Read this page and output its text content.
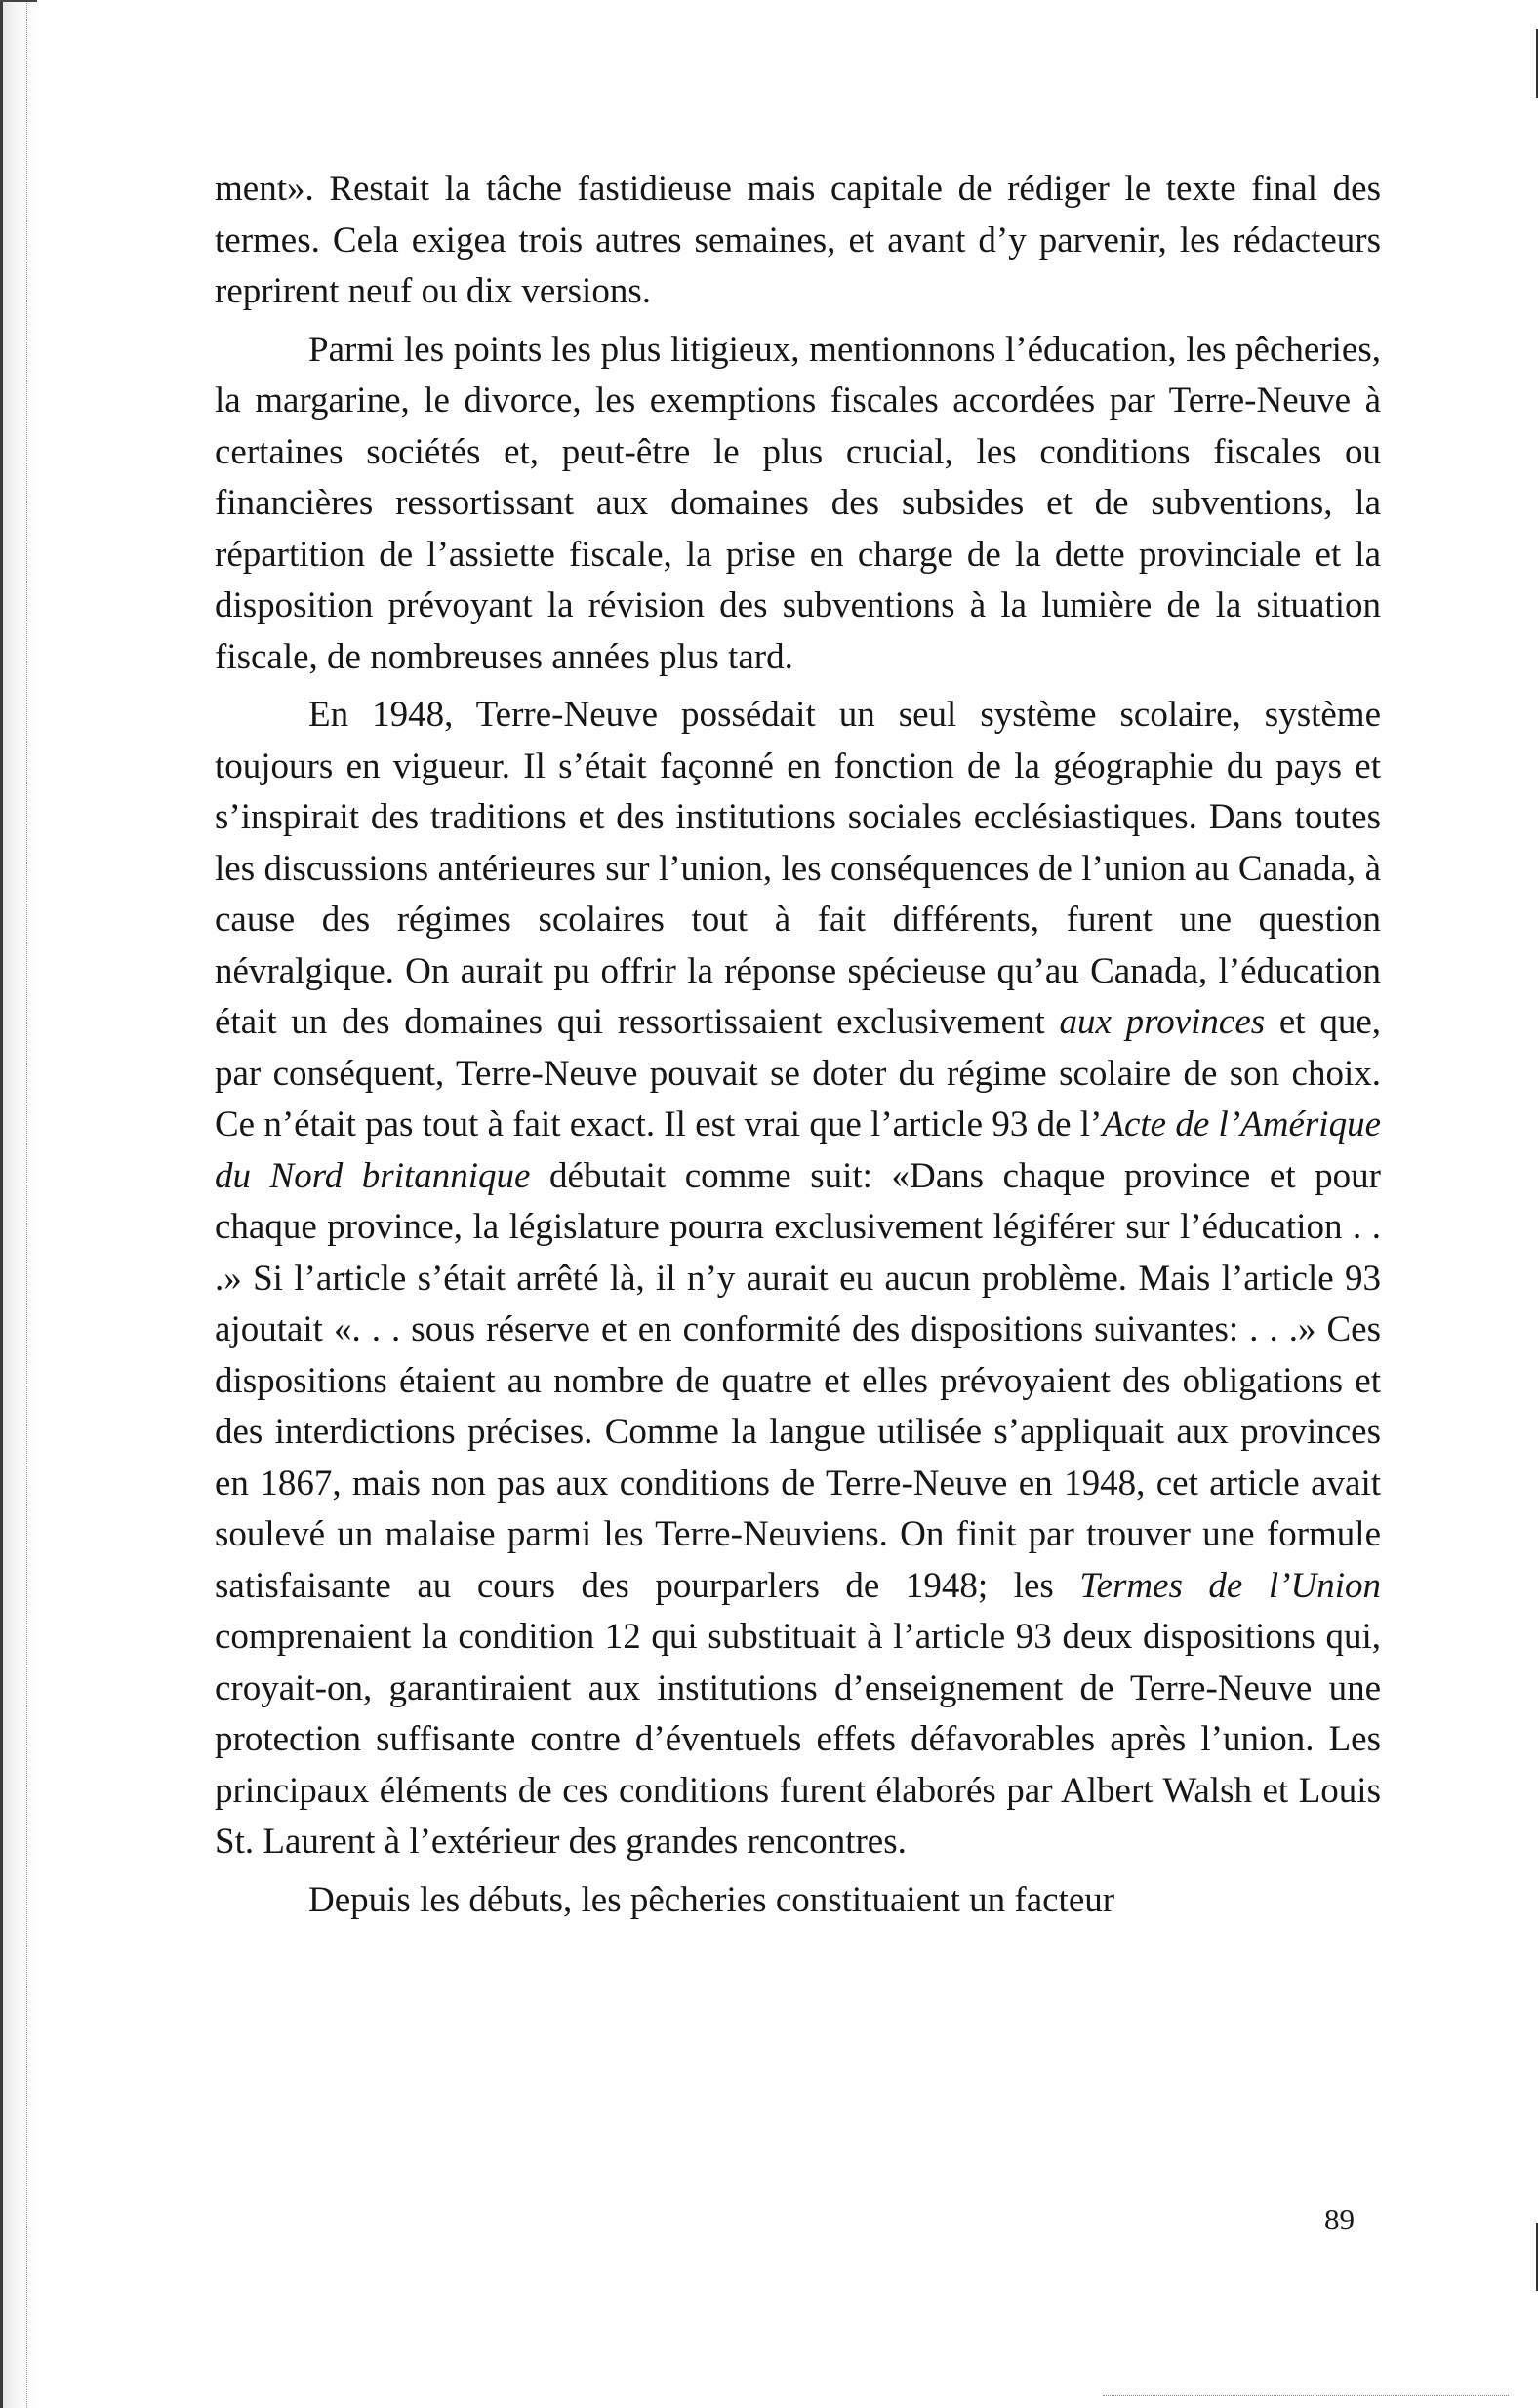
ment». Restait la tâche fastidieuse mais capitale de rédiger le texte final des termes. Cela exigea trois autres semaines, et avant d’y parvenir, les rédacteurs reprirent neuf ou dix versions.

Parmi les points les plus litigieux, mentionnons l’éducation, les pêcheries, la margarine, le divorce, les exemptions fiscales accordées par Terre-Neuve à certaines sociétés et, peut-être le plus crucial, les conditions fiscales ou financières ressortissant aux domaines des subsides et de subventions, la répartition de l’assiette fiscale, la prise en charge de la dette provinciale et la disposition prévoyant la révision des subventions à la lumière de la situation fiscale, de nombreuses années plus tard.

En 1948, Terre-Neuve possédait un seul système scolaire, système toujours en vigueur. Il s’était façonné en fonction de la géographie du pays et s’inspirait des traditions et des institutions sociales ecclésiastiques. Dans toutes les discussions antérieures sur l’union, les conséquences de l’union au Canada, à cause des régimes scolaires tout à fait différents, furent une question névralgique. On aurait pu offrir la réponse spécieuse qu’au Canada, l’éducation était un des domaines qui ressortissaient exclusivement aux provinces et que, par conséquent, Terre-Neuve pouvait se doter du régime scolaire de son choix. Ce n’était pas tout à fait exact. Il est vrai que l’article 93 de l’Acte de l’Amérique du Nord britannique débutait comme suit: «Dans chaque province et pour chaque province, la législature pourra exclusivement légiférer sur l’éducation . . .» Si l’article s’était arrêté là, il n’y aurait eu aucun problème. Mais l’article 93 ajoutait «. . . sous réserve et en conformité des dispositions suivantes: . . .» Ces dispositions étaient au nombre de quatre et elles prévoyaient des obligations et des interdictions précises. Comme la langue utilisée s’appliquait aux provinces en 1867, mais non pas aux conditions de Terre-Neuve en 1948, cet article avait soulevé un malaise parmi les Terre-Neuviens. On finit par trouver une formule satisfaisante au cours des pourparlers de 1948; les Termes de l’Union comprenaient la condition 12 qui substituait à l’article 93 deux dispositions qui, croyait-on, garantiraient aux institutions d’enseignement de Terre-Neuve une protection suffisante contre d’éventuels effets défavorables après l’union. Les principaux éléments de ces conditions furent élaborés par Albert Walsh et Louis St. Laurent à l’extérieur des grandes rencontres.

Depuis les débuts, les pêcheries constituaient un facteur

89
